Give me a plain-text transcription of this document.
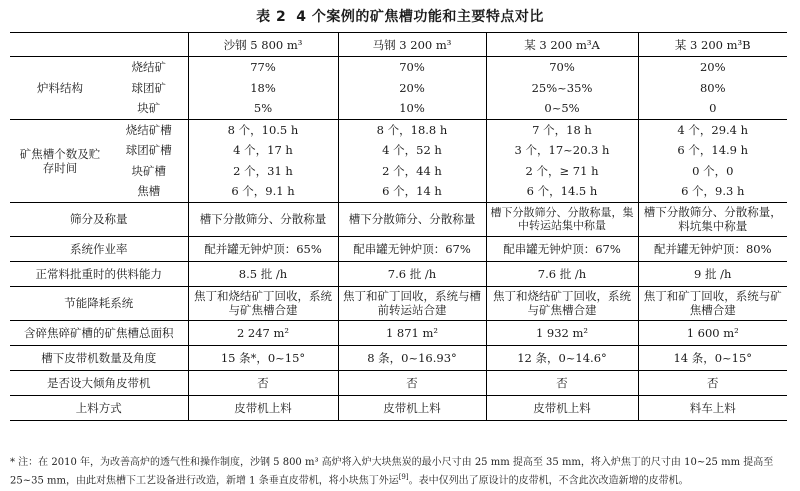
表 2 4 个案例的矿焦槽功能和主要特点对比
		沙钢 5 800 m³	马钢 3 200 m³	某 3 200 m³A	某 3 200 m³B
炉料结构	烧结矿	77%	70%	70%	20%
	球团矿	18%	20%	25%~35%	80%
	块矿	5%	10%	0~5%	0
矿焦槽个数及贮存时间	烧结矿槽	8 个，10.5 h	8 个，18.8 h	7 个，18 h	4 个，29.4 h
	球团矿槽	4 个，17 h	4 个，52 h	3 个，17~20.3 h	6 个，14.9 h
	块矿槽	2 个，31 h	2 个，44 h	2 个，≥ 71 h	0 个，0
	焦槽	6 个，9.1 h	6 个，14 h	6 个，14.5 h	6 个，9.3 h
筛分及称量		槽下分散筛分、分散称量	槽下分散筛分、分散称量	槽下分散筛分、分散称量，集中转运站集中称量	槽下分散筛分、分散称量，料坑集中称量
系统作业率		配并罐无钟炉顶：65%	配串罐无钟炉顶：67%	配串罐无钟炉顶：67%	配并罐无钟炉顶：80%
正常料批重时的供料能力		8.5 批 /h	7.6 批 /h	7.6 批 /h	9 批 /h
节能降耗系统		焦丁和烧结矿丁回收，系统与矿焦槽合建	焦丁和矿丁回收，系统与槽前转运站合建	焦丁和烧结矿丁回收，系统与矿焦槽合建	焦丁和矿丁回收，系统与矿焦槽合建
含碎焦碎矿槽的矿焦槽总面积		2 247 m²	1 871 m²	1 932 m²	1 600 m²
槽下皮带机数量及角度		15 条*，0~15°	8 条，0~16.93°	12 条，0~14.6°	14 条，0~15°
是否设大倾角皮带机		否	否	否	否
上料方式		皮带机上料	皮带机上料	皮带机上料	料车上料
* 注：在 2010 年，为改善高炉的透气性和操作制度，沙钢 5 800 m³ 高炉将入炉大块焦炭的最小尺寸由 25 mm 提高至 35 mm，将入炉焦丁的尺寸由 10~25 mm 提高至 25~35 mm，由此对焦槽下工艺设备进行改造，新增 1 条垂直皮带机，将小块焦丁外运[9]。表中仅列出了原设计的皮带机，不含此次改造新增的皮带机。
